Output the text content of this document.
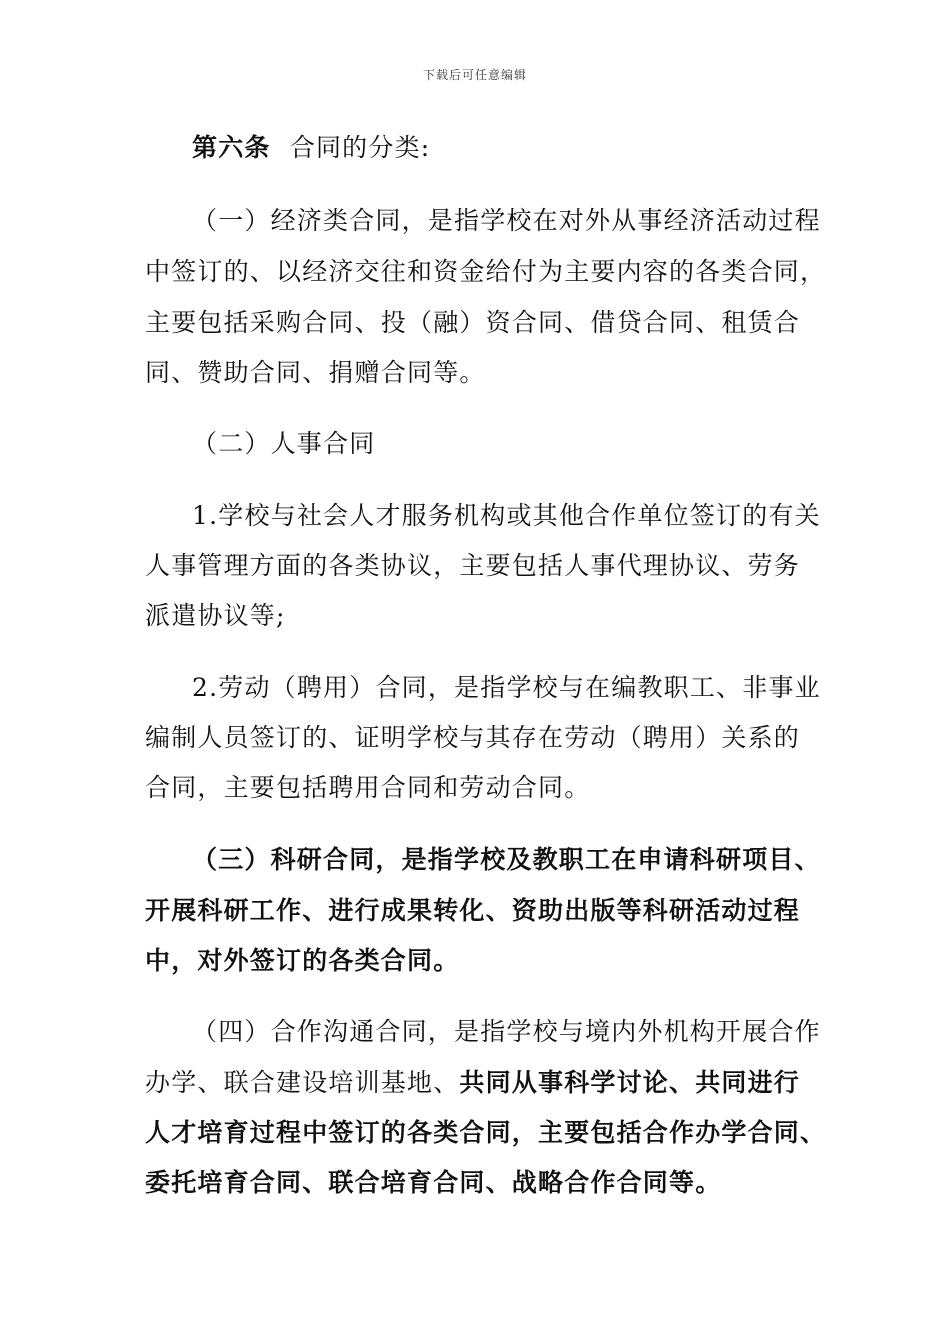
下载后可任意编辑
第六条 合同的分类:
（一）经济类合同，是指学校在对外从事经济活动过程
中签订的、以经济交往和资金给付为主要内容的各类合同，
主要包括采购合同、投（融）资合同、借贷合同、租赁合
同、赞助合同、捐赠合同等。
（二）人事合同
1.学校与社会人才服务机构或其他合作单位签订的有关
人事管理方面的各类协议，主要包括人事代理协议、劳务
派遣协议等;
2.劳动（聘用）合同，是指学校与在编教职工、非事业
编制人员签订的、证明学校与其存在劳动（聘用）关系的
合同，主要包括聘用合同和劳动合同。
（三）科研合同，是指学校及教职工在申请科研项目、
开展科研工作、进行成果转化、资助出版等科研活动过程
中，对外签订的各类合同。
（四）合作沟通合同，是指学校与境内外机构开展合作
办学、联合建设培训基地、共同从事科学讨论、共同进行
人才培育过程中签订的各类合同，主要包括合作办学合同、
委托培育合同、联合培育合同、战略合作合同等。
